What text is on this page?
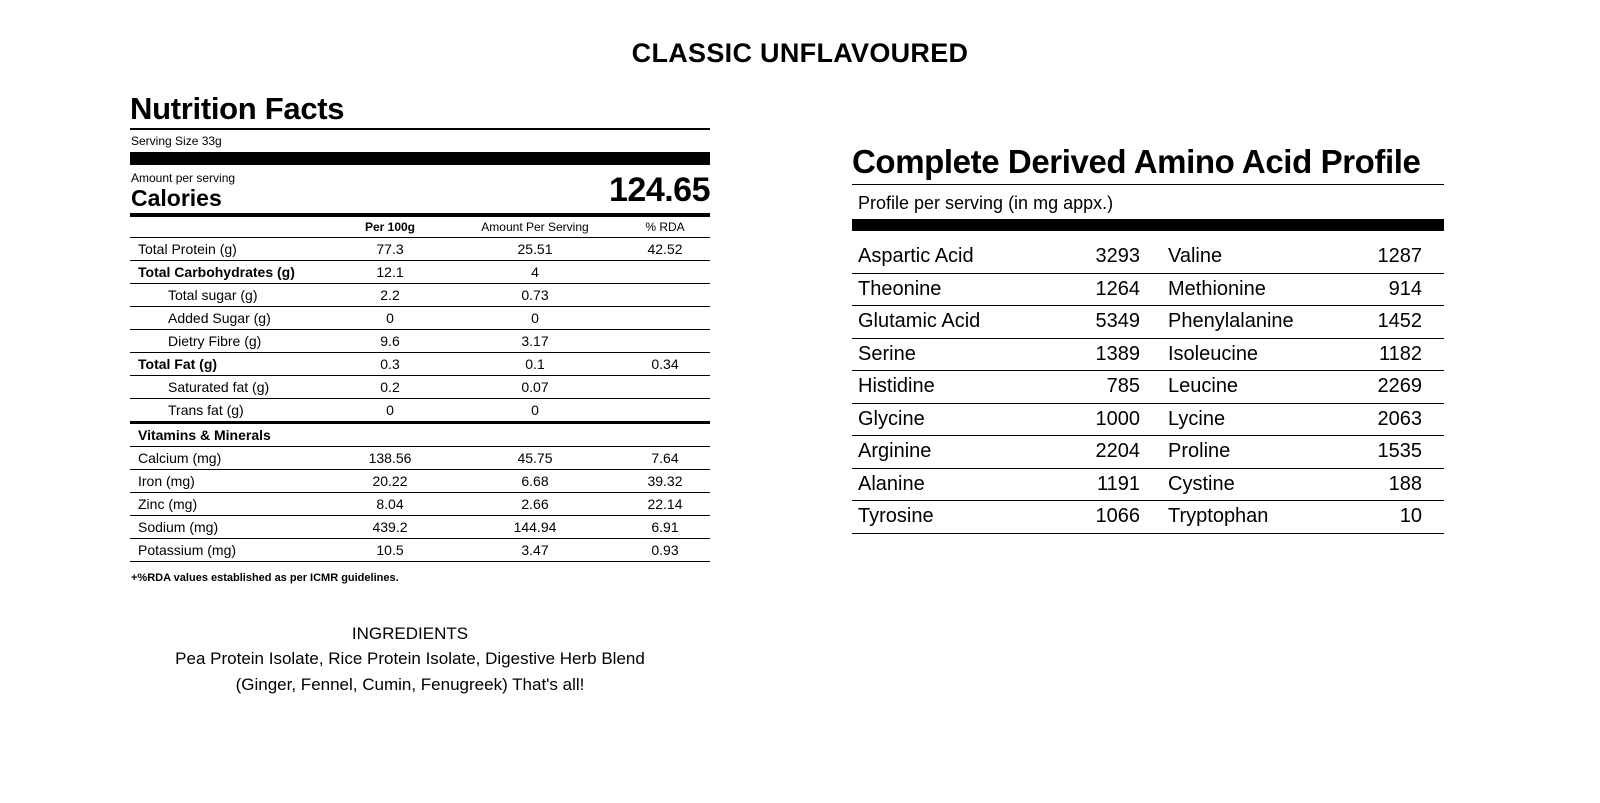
CLASSIC UNFLAVOURED
Nutrition Facts
Serving Size 33g
Amount per serving
Calories	124.65
	Per 100g	Amount Per Serving	% RDA
Total Protein (g)	77.3	25.51	42.52
Total Carbohydrates (g)	12.1	4	
Total sugar (g)	2.2	0.73	
Added Sugar (g)	0	0	
Dietry Fibre (g)	9.6	3.17	
Total Fat (g)	0.3	0.1	0.34
Saturated fat (g)	0.2	0.07	
Trans fat (g)	0	0	
Vitamins & Minerals			
Calcium (mg)	138.56	45.75	7.64
Iron (mg)	20.22	6.68	39.32
Zinc (mg)	8.04	2.66	22.14
Sodium (mg)	439.2	144.94	6.91
Potassium (mg)	10.5	3.47	0.93
+%RDA values established as per ICMR guidelines.
INGREDIENTS
Pea Protein Isolate, Rice Protein Isolate, Digestive Herb Blend
(Ginger, Fennel, Cumin, Fenugreek) That's all!
Complete Derived Amino Acid Profile
Profile per serving (in mg appx.)
Aspartic Acid	3293	Valine	1287
Theonine	1264	Methionine	914
Glutamic Acid	5349	Phenylalanine	1452
Serine	1389	Isoleucine	1182
Histidine	785	Leucine	2269
Glycine	1000	Lycine	2063
Arginine	2204	Proline	1535
Alanine	1191	Cystine	188
Tyrosine	1066	Tryptophan	10
